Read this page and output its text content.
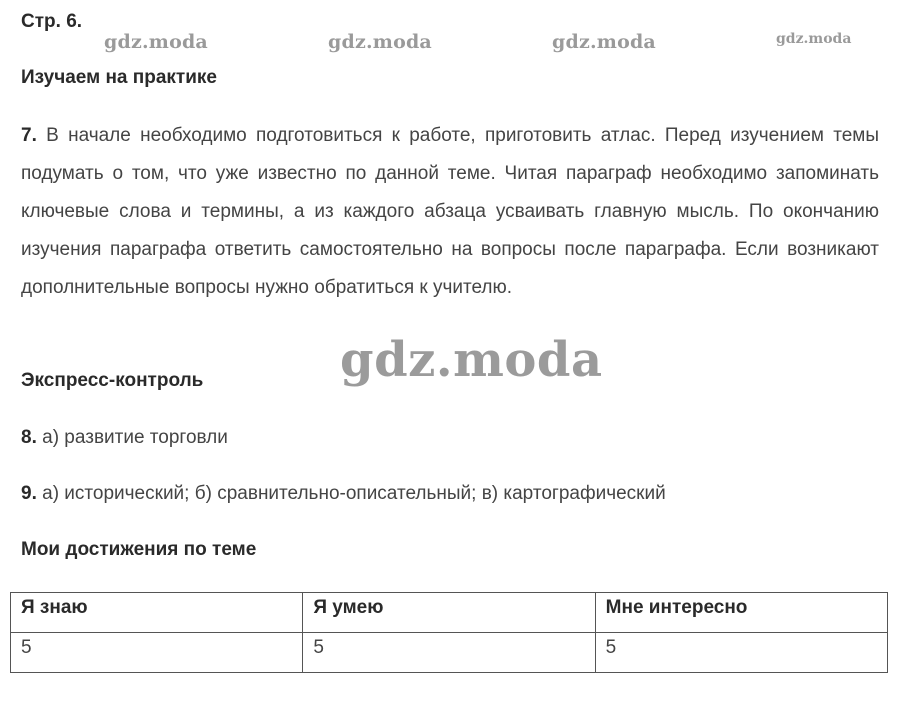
Стр. 6.
gdz.moda	gdz.moda	gdz.moda	gdz.moda
Изучаем на практике
7. В начале необходимо подготовиться к работе, приготовить атлас. Перед изучением темы подумать о том, что уже известно по данной теме. Читая параграф необходимо запоминать ключевые слова и термины, а из каждого абзаца усваивать главную мысль. По окончанию изучения параграфа ответить самостоятельно на вопросы после параграфа. Если возникают дополнительные вопросы нужно обратиться к учителю.
gdz.moda
Экспресс-контроль
8. а) развитие торговли
9. а) исторический; б) сравнительно-описательный; в) картографический
Мои достижения по теме
Я знаю	Я умею	Мне интересно
5	5	5
